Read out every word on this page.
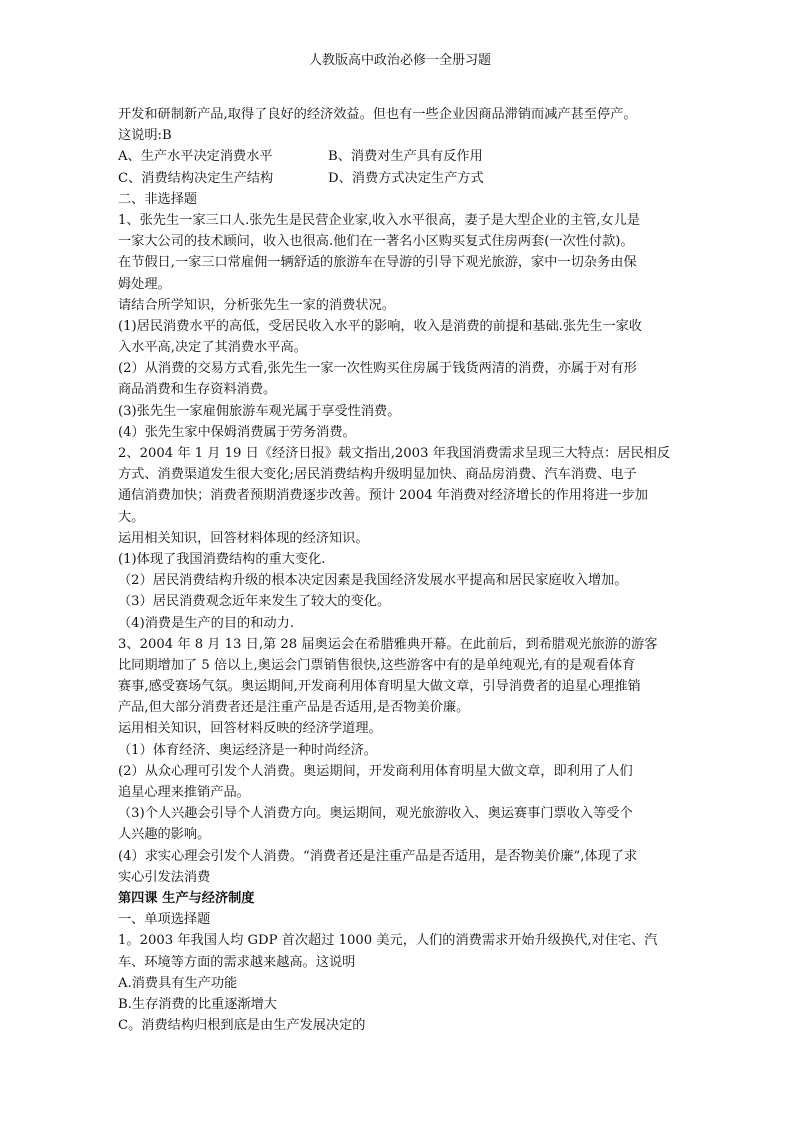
人教版高中政治必修一全册习题
开发和研制新产品,取得了良好的经济效益。但也有一些企业因商品滞销而减产甚至停产。
这说明:B
A、生产水平决定消费水平	B、消费对生产具有反作用
C、消费结构决定生产结构	D、消费方式决定生产方式
二、非选择题
1、张先生一家三口人.张先生是民营企业家,收入水平很高，妻子是大型企业的主管,女儿是
一家大公司的技术顾问，收入也很高.他们在一著名小区购买复式住房两套(一次性付款)。
在节假日,一家三口常雇佣一辆舒适的旅游车在导游的引导下观光旅游，家中一切杂务由保
姆处理。
请结合所学知识，分析张先生一家的消费状况。
(1)居民消费水平的高低，受居民收入水平的影响，收入是消费的前提和基础.张先生一家收
入水平高,决定了其消费水平高。
(2）从消费的交易方式看,张先生一家一次性购买住房属于钱货两清的消费，亦属于对有形
商品消费和生存资料消费。
(3)张先生一家雇佣旅游车观光属于享受性消费。
(4）张先生家中保姆消费属于劳务消费。
2、2004 年 1 月 19 日《经济日报》载文指出,2003 年我国消费需求呈现三大特点：居民相反
方式、消费渠道发生很大变化;居民消费结构升级明显加快、商品房消费、汽车消费、电子
通信消费加快；消费者预期消费逐步改善。预计 2004 年消费对经济增长的作用将进一步加
大。
运用相关知识，回答材料体现的经济知识。
(1)体现了我国消费结构的重大变化.
（2）居民消费结构升级的根本决定因素是我国经济发展水平提高和居民家庭收入增加。
（3）居民消费观念近年来发生了较大的变化。
（4)消费是生产的目的和动力.
3、2004 年 8 月 13 日,第 28 届奥运会在希腊雅典开幕。在此前后，到希腊观光旅游的游客
比同期增加了 5 倍以上,奥运会门票销售很快,这些游客中有的是单纯观光,有的是观看体育
赛事,感受赛场气氛。奥运期间,开发商利用体育明星大做文章，引导消费者的追星心理推销
产品,但大部分消费者还是注重产品是否适用,是否物美价廉。
运用相关知识，回答材料反映的经济学道理。
（1）体育经济、奥运经济是一种时尚经济。
(2）从众心理可引发个人消费。奥运期间，开发商利用体育明星大做文章，即利用了人们
追星心理来推销产品。
（3)个人兴趣会引导个人消费方向。奥运期间，观光旅游收入、奥运赛事门票收入等受个
人兴趣的影响。
(4）求实心理会引发个人消费。“消费者还是注重产品是否适用，是否物美价廉”,体现了求
实心引发法消费
第四课 生产与经济制度
一、单项选择题
1。2003 年我国人均 GDP 首次超过 1000 美元，人们的消费需求开始升级换代,对住宅、汽
车、环境等方面的需求越来越高。这说明
A.消费具有生产功能
B.生存消费的比重逐渐增大
C。消费结构归根到底是由生产发展决定的
